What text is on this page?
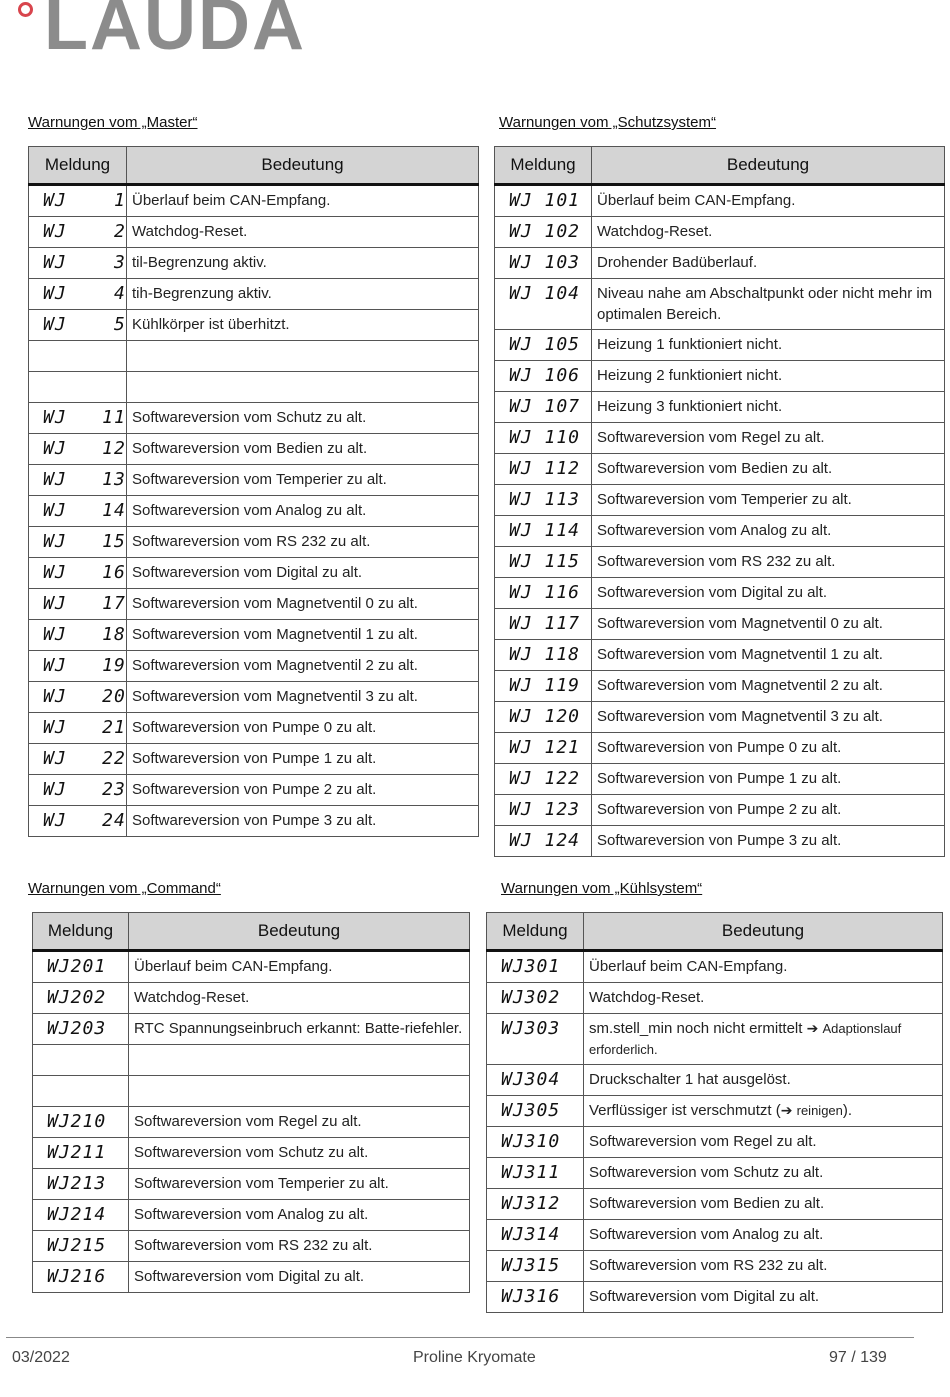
LAUDA
Warnungen vom „Master“
Meldung	Bedeutung
WJ    1	Überlauf beim CAN-Empfang.
WJ    2	Watchdog-Reset.
WJ    3	til-Begrenzung aktiv.
WJ    4	tih-Begrenzung aktiv.
WJ    5	Kühlkörper ist überhitzt.

WJ   11	Softwareversion vom Schutz zu alt.
WJ   12	Softwareversion vom Bedien zu alt.
WJ   13	Softwareversion vom Temperier zu alt.
WJ   14	Softwareversion vom Analog zu alt.
WJ   15	Softwareversion vom RS 232 zu alt.
WJ   16	Softwareversion vom Digital zu alt.
WJ   17	Softwareversion vom Magnetventil 0 zu alt.
WJ   18	Softwareversion vom Magnetventil 1 zu alt.
WJ   19	Softwareversion vom Magnetventil 2 zu alt.
WJ   20	Softwareversion vom Magnetventil 3 zu alt.
WJ   21	Softwareversion von Pumpe 0 zu alt.
WJ   22	Softwareversion von Pumpe 1 zu alt.
WJ   23	Softwareversion von Pumpe 2 zu alt.
WJ   24	Softwareversion von Pumpe 3 zu alt.
Warnungen vom „Schutzsystem“
Meldung	Bedeutung
WJ 101	Überlauf beim CAN-Empfang.
WJ 102	Watchdog-Reset.
WJ 103	Drohender Badüberlauf.
WJ 104	Niveau nahe am Abschaltpunkt oder nicht mehr im optimalen Bereich.
WJ 105	Heizung 1 funktioniert nicht.
WJ 106	Heizung 2 funktioniert nicht.
WJ 107	Heizung 3 funktioniert nicht.
WJ 110	Softwareversion vom Regel zu alt.
WJ 112	Softwareversion vom Bedien zu alt.
WJ 113	Softwareversion vom Temperier zu alt.
WJ 114	Softwareversion vom Analog zu alt.
WJ 115	Softwareversion vom RS 232 zu alt.
WJ 116	Softwareversion vom Digital zu alt.
WJ 117	Softwareversion vom Magnetventil 0 zu alt.
WJ 118	Softwareversion vom Magnetventil 1 zu alt.
WJ 119	Softwareversion vom Magnetventil 2 zu alt.
WJ 120	Softwareversion vom Magnetventil 3 zu alt.
WJ 121	Softwareversion von Pumpe 0 zu alt.
WJ 122	Softwareversion von Pumpe 1 zu alt.
WJ 123	Softwareversion von Pumpe 2 zu alt.
WJ 124	Softwareversion von Pumpe 3 zu alt.
Warnungen vom „Command“
Meldung	Bedeutung
WJ201	Überlauf beim CAN-Empfang.
WJ202	Watchdog-Reset.
WJ203	RTC Spannungseinbruch erkannt: Batte-riefehler.

WJ210	Softwareversion vom Regel zu alt.
WJ211	Softwareversion vom Schutz zu alt.
WJ213	Softwareversion vom Temperier zu alt.
WJ214	Softwareversion vom Analog zu alt.
WJ215	Softwareversion vom RS 232 zu alt.
WJ216	Softwareversion vom Digital zu alt.
Warnungen vom „Kühlsystem“
Meldung	Bedeutung
WJ301	Überlauf beim CAN-Empfang.
WJ302	Watchdog-Reset.
WJ303	sm.stell_min noch nicht ermittelt ➔ Adaptionslauf erforderlich.
WJ304	Druckschalter 1 hat ausgelöst.
WJ305	Verflüssiger ist verschmutzt (➔ reinigen).
WJ310	Softwareversion vom Regel zu alt.
WJ311	Softwareversion vom Schutz zu alt.
WJ312	Softwareversion vom Bedien zu alt.
WJ314	Softwareversion vom Analog zu alt.
WJ315	Softwareversion vom RS 232 zu alt.
WJ316	Softwareversion vom Digital zu alt.
03/2022	Proline Kryomate	97 / 139
